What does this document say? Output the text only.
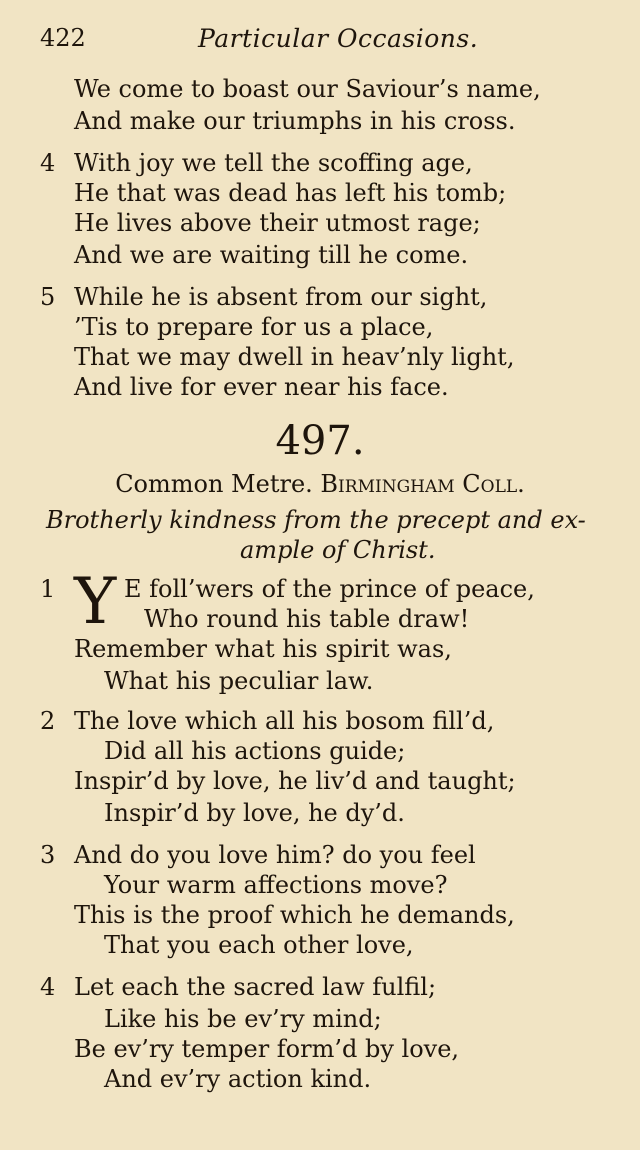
422	Particular Occasions.
We come to boast our Saviour’s name,
And make our triumphs in his cross.
4 With joy we tell the scoffing age,
He that was dead has left his tomb;
He lives above their utmost rage;
And we are waiting till he come.
5 While he is absent from our sight,
’Tis to prepare for us a place,
That we may dwell in heav’nly light,
And live for ever near his face.
497.
Common Metre. Birmingham Coll.
Brotherly kindness from the precept and ex-
ample of Christ.
1 Y E foll’wers of the prince of peace,
Who round his table draw!
Remember what his spirit was,
What his peculiar law.
2 The love which all his bosom fill’d,
Did all his actions guide;
Inspir’d by love, he liv’d and taught;
Inspir’d by love, he dy’d.
3 And do you love him? do you feel
Your warm affections move?
This is the proof which he demands,
That you each other love,
4 Let each the sacred law fulfil;
Like his be ev’ry mind;
Be ev’ry temper form’d by love,
And ev’ry action kind.
